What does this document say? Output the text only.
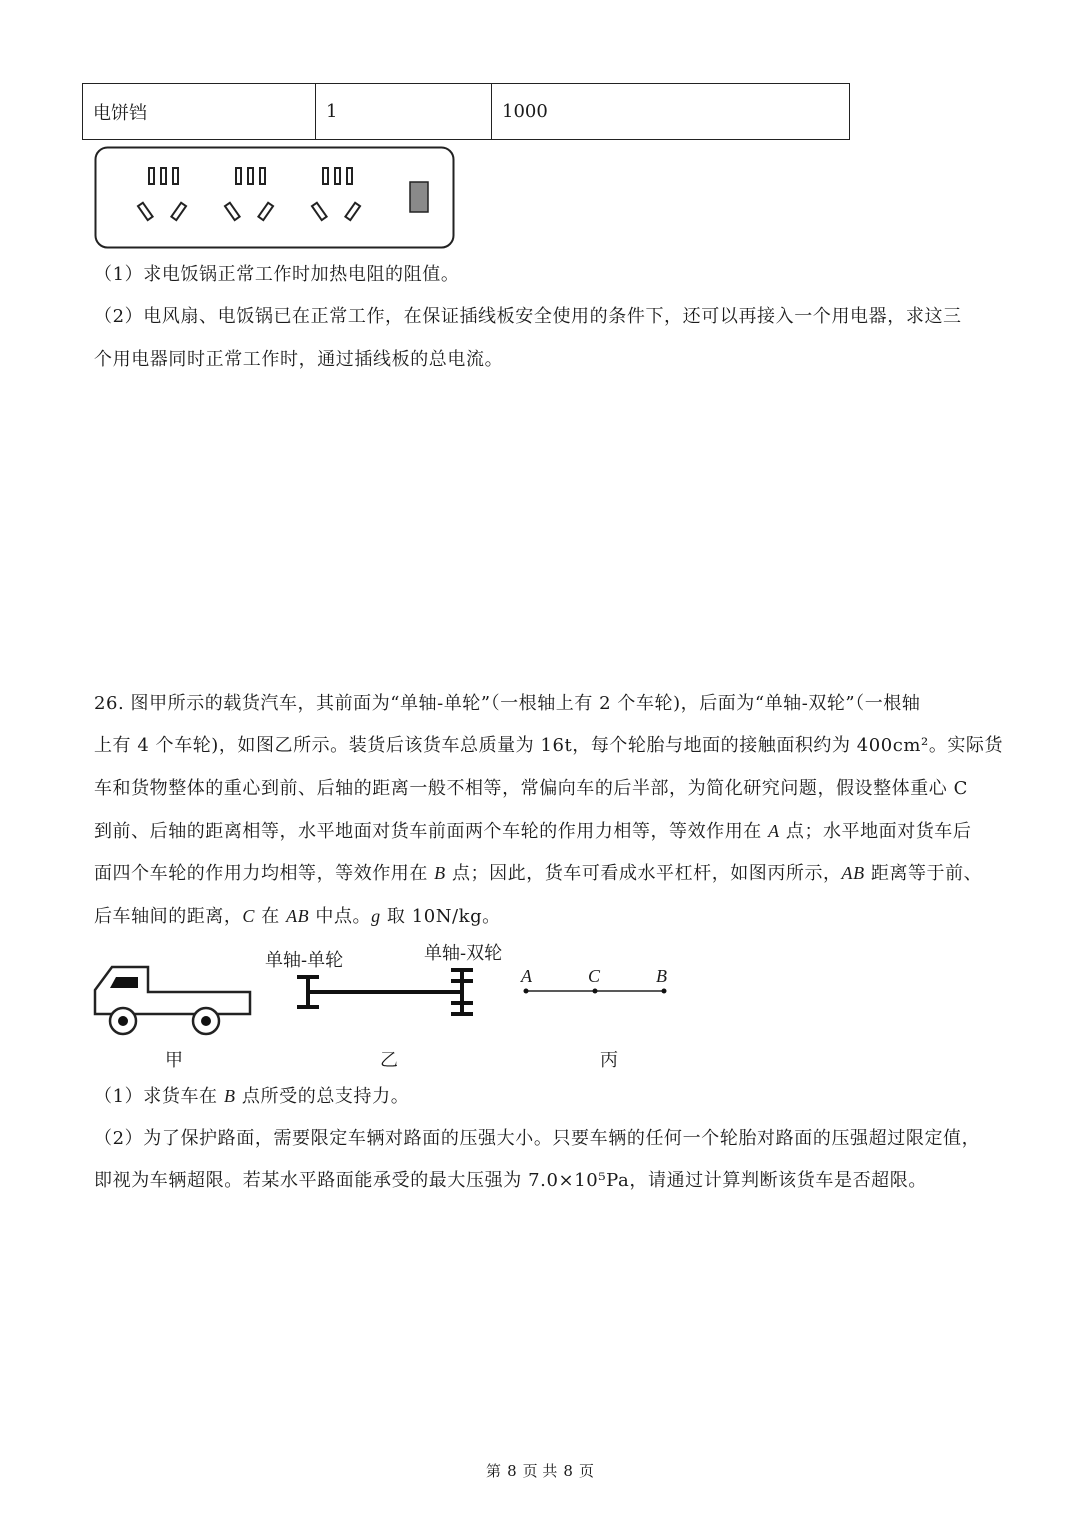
电饼铛	1	1000
（1）求电饭锅正常工作时加热电阻的阻值。
（2）电风扇、电饭锅已在正常工作，在保证插线板安全使用的条件下，还可以再接入一个用电器，求这三
个用电器同时正常工作时，通过插线板的总电流。
26. 图甲所示的载货汽车，其前面为“单轴-单轮”（一根轴上有 2 个车轮)，后面为“单轴-双轮”（一根轴
上有 4 个车轮)，如图乙所示。装货后该货车总质量为 16t，每个轮胎与地面的接触面积约为 400cm²。实际货
车和货物整体的重心到前、后轴的距离一般不相等，常偏向车的后半部，为简化研究问题，假设整体重心 C
到前、后轴的距离相等，水平地面对货车前面两个车轮的作用力相等，等效作用在 A 点；水平地面对货车后
面四个车轮的作用力均相等，等效作用在 B 点；因此，货车可看成水平杠杆，如图丙所示，AB 距离等于前、
后车轴间的距离，C 在 AB 中点。g 取 10N/kg。
单轴-单轮	单轴-双轮
A	C	B
甲	乙	丙
（1）求货车在 B 点所受的总支持力。
（2）为了保护路面，需要限定车辆对路面的压强大小。只要车辆的任何一个轮胎对路面的压强超过限定值，
即视为车辆超限。若某水平路面能承受的最大压强为 7.0×10⁵Pa，请通过计算判断该货车是否超限。
第 8 页 共 8 页
